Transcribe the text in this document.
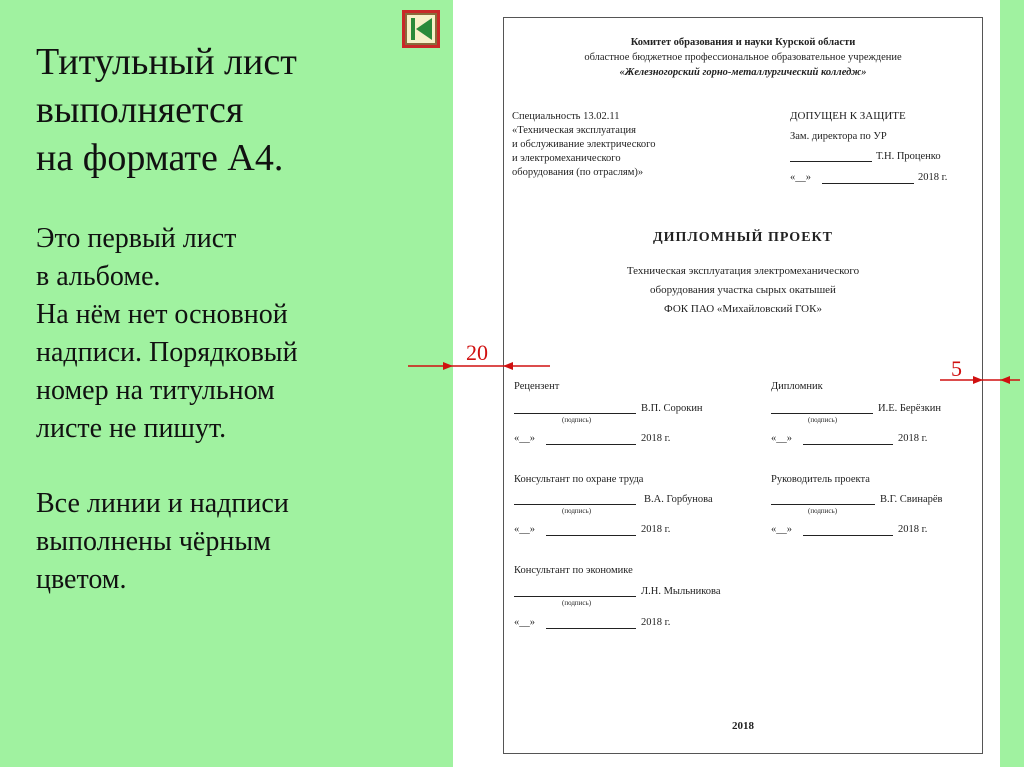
Титульный лист
выполняется
на формате А4.
Это первый лист
в альбоме.
На нём нет основной
надписи. Порядковый
номер на титульном
листе не пишут.
Все линии и надписи
выполнены чёрным
цветом.
Комитет образования и науки Курской области
областное бюджетное профессиональное образовательное учреждение
«Железногорский горно-металлургический колледж»
Специальность 13.02.11
«Техническая эксплуатация
и обслуживание электрического
и электромеханического
оборудования (по отраслям)»
ДОПУЩЕН К ЗАЩИТЕ
Зам. директора по УР
Т.Н. Проценко
«__»	2018 г.
ДИПЛОМНЫЙ ПРОЕКТ
Техническая эксплуатация электромеханического
оборудования участка сырых окатышей
ФОК ПАО «Михайловский ГОК»
Рецензент
В.П. Сорокин
(подпись)
«__»	2018 г.
Дипломник
И.Е. Берёзкин
(подпись)
«__»	2018 г.
Консультант по охране труда
В.А. Горбунова
(подпись)
«__»	2018 г.
Руководитель проекта
В.Г. Свинарёв
(подпись)
«__»	2018 г.
Консультант по экономике
Л.Н. Мыльникова
(подпись)
«__»	2018 г.
2018
20
5
